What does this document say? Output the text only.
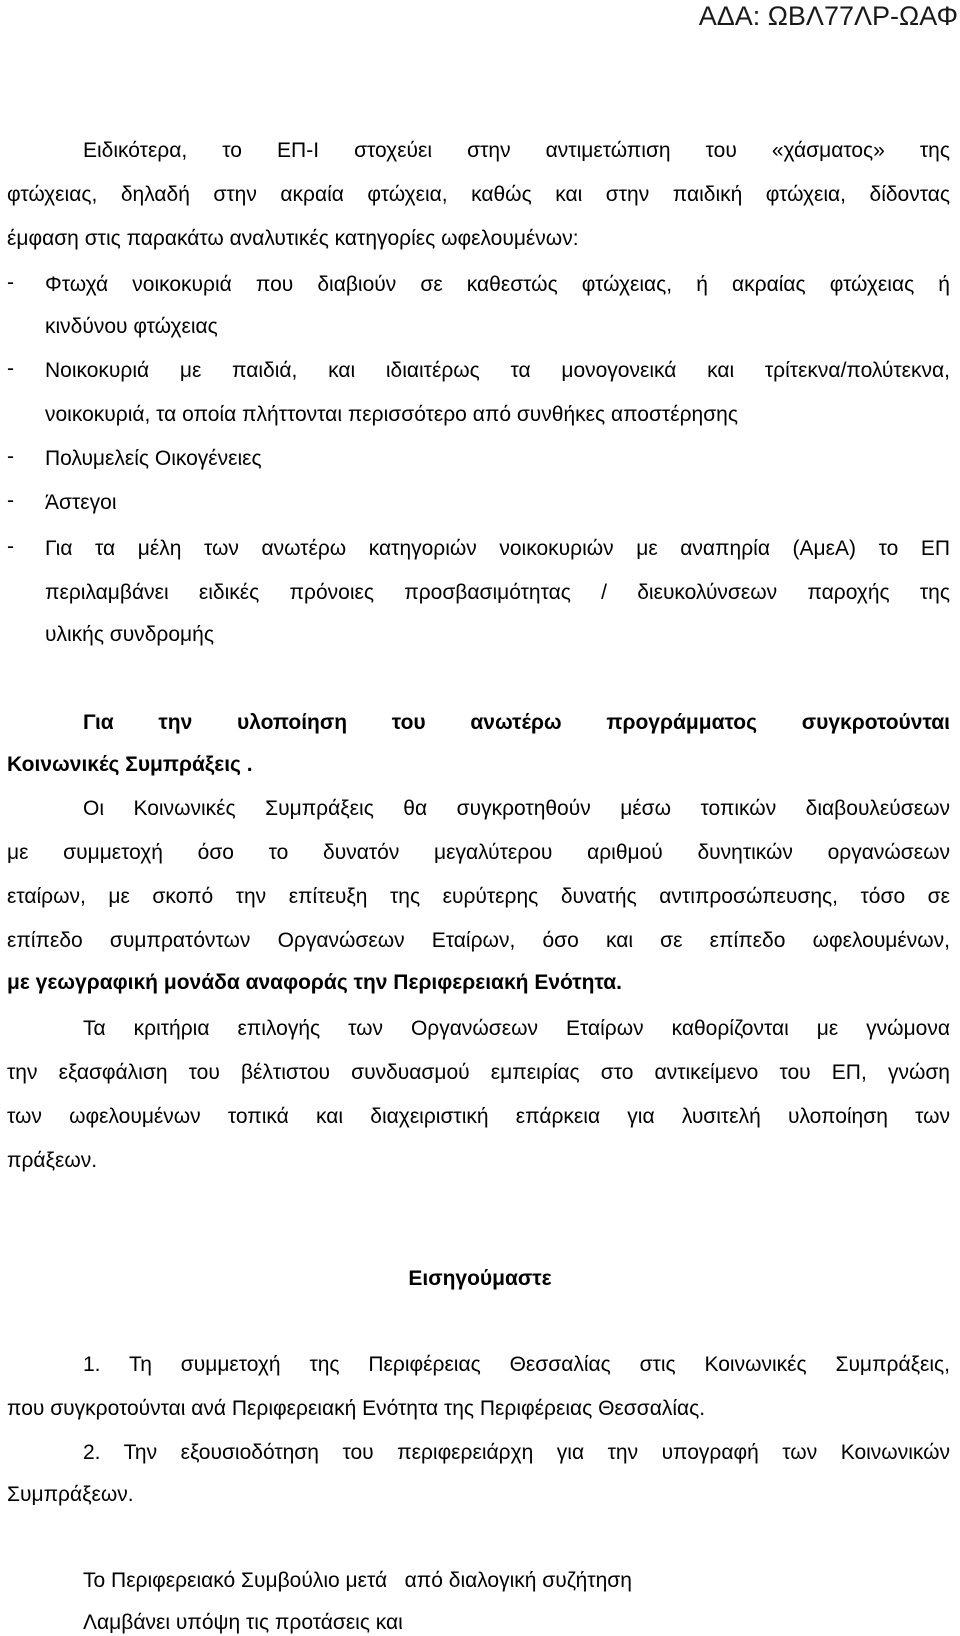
ΑΔΑ: ΩΒΛ77ΛΡ-ΩΑΦ
Ειδικότερα, το ΕΠ-Ι στοχεύει στην αντιμετώπιση του «χάσματος» της
φτώχειας, δηλαδή στην ακραία φτώχεια, καθώς και στην παιδική φτώχεια, δίδοντας
έμφαση στις παρακάτω αναλυτικές κατηγορίες ωφελουμένων:
- Φτωχά νοικοκυριά που διαβιούν σε καθεστώς φτώχειας, ή ακραίας φτώχειας ή
κινδύνου φτώχειας
- Νοικοκυριά με παιδιά, και ιδιαιτέρως τα μονογονεικά και τρίτεκνα/πολύτεκνα,
νοικοκυριά, τα οποία πλήττονται περισσότερο από συνθήκες αποστέρησης
- Πολυμελείς Οικογένειες
- Άστεγοι
- Για τα μέλη των ανωτέρω κατηγοριών νοικοκυριών με αναπηρία (ΑμεΑ) το ΕΠ
περιλαμβάνει ειδικές πρόνοιες προσβασιμότητας / διευκολύνσεων παροχής της
υλικής συνδρομής
Για την υλοποίηση του ανωτέρω προγράμματος συγκροτούνται
Κοινωνικές Συμπράξεις .
Οι Κοινωνικές Συμπράξεις θα συγκροτηθούν μέσω τοπικών διαβουλεύσεων
με συμμετοχή όσο το δυνατόν μεγαλύτερου αριθμού δυνητικών οργανώσεων
εταίρων, με σκοπό την επίτευξη της ευρύτερης δυνατής αντιπροσώπευσης, τόσο σε
επίπεδο συμπρατόντων Οργανώσεων Εταίρων, όσο και σε επίπεδο ωφελουμένων,
με γεωγραφική μονάδα αναφοράς την Περιφερειακή Ενότητα.
Τα κριτήρια επιλογής των Οργανώσεων Εταίρων καθορίζονται με γνώμονα
την εξασφάλιση του βέλτιστου συνδυασμού εμπειρίας στο αντικείμενο του ΕΠ, γνώση
των ωφελουμένων τοπικά και διαχειριστική επάρκεια για λυσιτελή υλοποίηση των
πράξεων.
Εισηγούμαστε
1. Τη συμμετοχή της Περιφέρειας Θεσσαλίας στις Κοινωνικές Συμπράξεις,
που συγκροτούνται ανά Περιφερειακή Ενότητα της Περιφέρειας Θεσσαλίας.
2. Την εξουσιοδότηση του περιφερειάρχη για την υπογραφή των Κοινωνικών
Συμπράξεων.
Το Περιφερειακό Συμβούλιο μετά   από διαλογική συζήτηση
Λαμβάνει υπόψη τις προτάσεις και
